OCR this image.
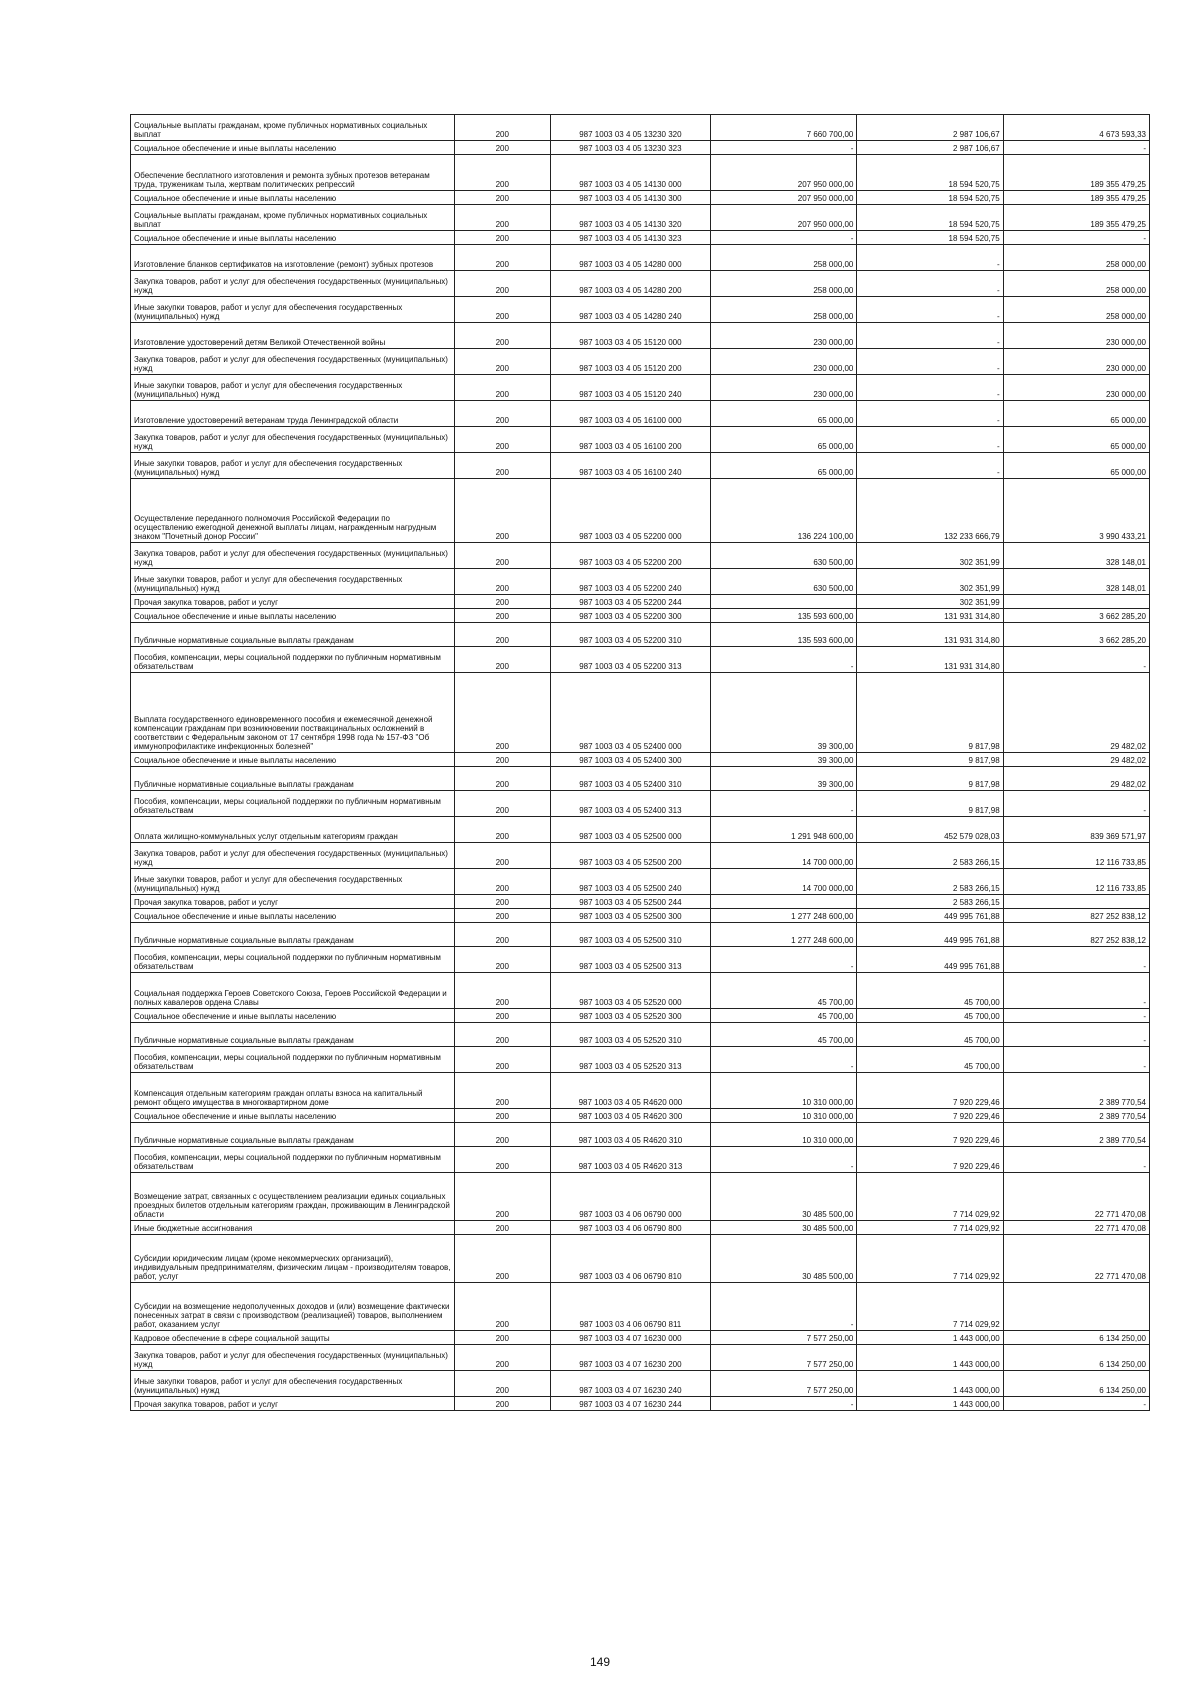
Социальные выплаты гражданам, кроме публичных нормативных социальных выплат	200	987 1003 03 4 05 13230 320	7 660 700,00	2 987 106,67	4 673 593,33
Социальное обеспечение и иные выплаты населению	200	987 1003 03 4 05 13230 323	-	2 987 106,67	-
Обеспечение бесплатного изготовления и ремонта зубных протезов ветеранам труда, труженикам тыла, жертвам политических репрессий	200	987 1003 03 4 05 14130 000	207 950 000,00	18 594 520,75	189 355 479,25
Социальное обеспечение и иные выплаты населению	200	987 1003 03 4 05 14130 300	207 950 000,00	18 594 520,75	189 355 479,25
Социальные выплаты гражданам, кроме публичных нормативных социальных выплат	200	987 1003 03 4 05 14130 320	207 950 000,00	18 594 520,75	189 355 479,25
Социальное обеспечение и иные выплаты населению	200	987 1003 03 4 05 14130 323	-	18 594 520,75	-
Изготовление бланков сертификатов на изготовление (ремонт) зубных протезов	200	987 1003 03 4 05 14280 000	258 000,00	-	258 000,00
Закупка товаров, работ и услуг для обеспечения государственных (муниципальных) нужд	200	987 1003 03 4 05 14280 200	258 000,00	-	258 000,00
Иные закупки товаров, работ и услуг для обеспечения государственных (муниципальных) нужд	200	987 1003 03 4 05 14280 240	258 000,00	-	258 000,00
Изготовление удостоверений детям Великой Отечественной войны	200	987 1003 03 4 05 15120 000	230 000,00	-	230 000,00
Закупка товаров, работ и услуг для обеспечения государственных (муниципальных) нужд	200	987 1003 03 4 05 15120 200	230 000,00	-	230 000,00
Иные закупки товаров, работ и услуг для обеспечения государственных (муниципальных) нужд	200	987 1003 03 4 05 15120 240	230 000,00	-	230 000,00
Изготовление удостоверений ветеранам труда Ленинградской области	200	987 1003 03 4 05 16100 000	65 000,00	-	65 000,00
Закупка товаров, работ и услуг для обеспечения государственных (муниципальных) нужд	200	987 1003 03 4 05 16100 200	65 000,00	-	65 000,00
Иные закупки товаров, работ и услуг для обеспечения государственных (муниципальных) нужд	200	987 1003 03 4 05 16100 240	65 000,00	-	65 000,00
Осуществление переданного полномочия Российской Федерации по осуществлению ежегодной денежной выплаты лицам, награжденным нагрудным знаком "Почетный донор России"	200	987 1003 03 4 05 52200 000	136 224 100,00	132 233 666,79	3 990 433,21
Закупка товаров, работ и услуг для обеспечения государственных (муниципальных) нужд	200	987 1003 03 4 05 52200 200	630 500,00	302 351,99	328 148,01
Иные закупки товаров, работ и услуг для обеспечения государственных (муниципальных) нужд	200	987 1003 03 4 05 52200 240	630 500,00	302 351,99	328 148,01
Прочая закупка товаров, работ и услуг	200	987 1003 03 4 05 52200 244		302 351,99	
Социальное обеспечение и иные выплаты населению	200	987 1003 03 4 05 52200 300	135 593 600,00	131 931 314,80	3 662 285,20
Публичные нормативные социальные выплаты гражданам	200	987 1003 03 4 05 52200 310	135 593 600,00	131 931 314,80	3 662 285,20
Пособия, компенсации, меры социальной поддержки по публичным нормативным обязательствам	200	987 1003 03 4 05 52200 313	-	131 931 314,80	-
Выплата государственного единовременного пособия и ежемесячной денежной компенсации гражданам при возникновении поствакцинальных осложнений в соответствии с Федеральным законом от 17 сентября 1998 года № 157-ФЗ "Об иммунопрофилактике инфекционных болезней"	200	987 1003 03 4 05 52400 000	39 300,00	9 817,98	29 482,02
Социальное обеспечение и иные выплаты населению	200	987 1003 03 4 05 52400 300	39 300,00	9 817,98	29 482,02
Публичные нормативные социальные выплаты гражданам	200	987 1003 03 4 05 52400 310	39 300,00	9 817,98	29 482,02
Пособия, компенсации, меры социальной поддержки по публичным нормативным обязательствам	200	987 1003 03 4 05 52400 313	-	9 817,98	-
Оплата жилищно-коммунальных услуг отдельным категориям граждан	200	987 1003 03 4 05 52500 000	1 291 948 600,00	452 579 028,03	839 369 571,97
Закупка товаров, работ и услуг для обеспечения государственных (муниципальных) нужд	200	987 1003 03 4 05 52500 200	14 700 000,00	2 583 266,15	12 116 733,85
Иные закупки товаров, работ и услуг для обеспечения государственных (муниципальных) нужд	200	987 1003 03 4 05 52500 240	14 700 000,00	2 583 266,15	12 116 733,85
Прочая закупка товаров, работ и услуг	200	987 1003 03 4 05 52500 244		2 583 266,15	
Социальное обеспечение и иные выплаты населению	200	987 1003 03 4 05 52500 300	1 277 248 600,00	449 995 761,88	827 252 838,12
Публичные нормативные социальные выплаты гражданам	200	987 1003 03 4 05 52500 310	1 277 248 600,00	449 995 761,88	827 252 838,12
Пособия, компенсации, меры социальной поддержки по публичным нормативным обязательствам	200	987 1003 03 4 05 52500 313	-	449 995 761,88	-
Социальная поддержка Героев Советского Союза, Героев Российской Федерации и полных кавалеров ордена Славы	200	987 1003 03 4 05 52520 000	45 700,00	45 700,00	-
Социальное обеспечение и иные выплаты населению	200	987 1003 03 4 05 52520 300	45 700,00	45 700,00	-
Публичные нормативные социальные выплаты гражданам	200	987 1003 03 4 05 52520 310	45 700,00	45 700,00	-
Пособия, компенсации, меры социальной поддержки по публичным нормативным обязательствам	200	987 1003 03 4 05 52520 313	-	45 700,00	-
Компенсация отдельным категориям граждан оплаты взноса на капитальный ремонт общего имущества в многоквартирном доме	200	987 1003 03 4 05 R4620 000	10 310 000,00	7 920 229,46	2 389 770,54
Социальное обеспечение и иные выплаты населению	200	987 1003 03 4 05 R4620 300	10 310 000,00	7 920 229,46	2 389 770,54
Публичные нормативные социальные выплаты гражданам	200	987 1003 03 4 05 R4620 310	10 310 000,00	7 920 229,46	2 389 770,54
Пособия, компенсации, меры социальной поддержки по публичным нормативным обязательствам	200	987 1003 03 4 05 R4620 313	-	7 920 229,46	-
Возмещение затрат, связанных с осуществлением реализации единых социальных проездных билетов отдельным категориям граждан, проживающим в Ленинградской области	200	987 1003 03 4 06 06790 000	30 485 500,00	7 714 029,92	22 771 470,08
Иные бюджетные ассигнования	200	987 1003 03 4 06 06790 800	30 485 500,00	7 714 029,92	22 771 470,08
Субсидии юридическим лицам (кроме некоммерческих организаций), индивидуальным предпринимателям, физическим лицам - производителям товаров, работ, услуг	200	987 1003 03 4 06 06790 810	30 485 500,00	7 714 029,92	22 771 470,08
Субсидии на возмещение недополученных доходов и (или) возмещение фактически понесенных затрат в связи с производством (реализацией) товаров, выполнением работ, оказанием услуг	200	987 1003 03 4 06 06790 811	-	7 714 029,92	
Кадровое обеспечение в сфере социальной защиты	200	987 1003 03 4 07 16230 000	7 577 250,00	1 443 000,00	6 134 250,00
Закупка товаров, работ и услуг для обеспечения государственных (муниципальных) нужд	200	987 1003 03 4 07 16230 200	7 577 250,00	1 443 000,00	6 134 250,00
Иные закупки товаров, работ и услуг для обеспечения государственных (муниципальных) нужд	200	987 1003 03 4 07 16230 240	7 577 250,00	1 443 000,00	6 134 250,00
Прочая закупка товаров, работ и услуг	200	987 1003 03 4 07 16230 244	-	1 443 000,00	-
149
